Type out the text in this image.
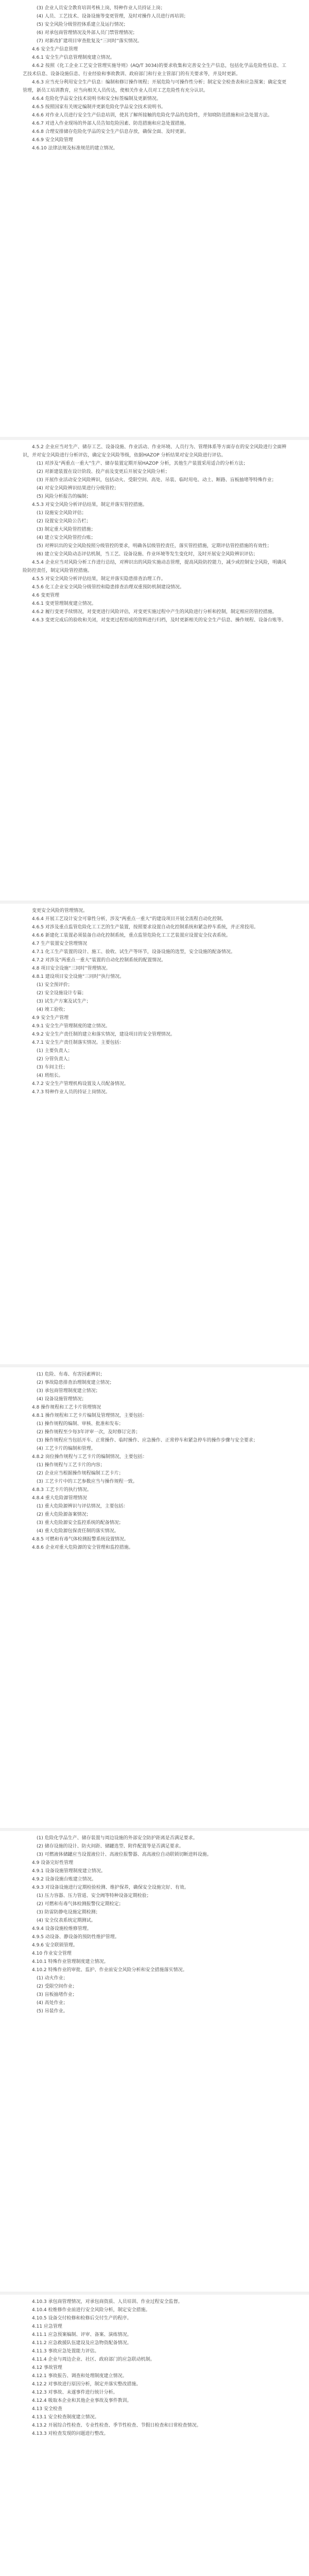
(3) 企业人员安全教育培训考核上岗，特种作业人员持证上岗；

(4) 人员、工艺技术、设备设施等变更管理，及时对操作人员进行再培训；

(5) 安全风险分级管控体系建立及运行情况；

(6) 对承包商管理情况及外部人员门禁管理情况；

(7) 对新改扩建项目审查批复及“三同时”落实情况。

4.6 安全生产信息管理

4.6.1 安全生产信息管理制度建立情况。

4.6.2 按照《化工企业工艺安全管理实施导则》(AQ/T 3034)的要求收集和完善安全生产信息，包括化学品危险性信息、工艺技术信息、设备设施信息、行业经验和事故教训、政府部门和行业主管部门的有关要求等，并及时更新。

4.6.3 应当充分利用安全生产信息：编制和修订操作规程；开展危险与可操作性分析；制定安全检查表和应急预案；确定变更管理，新员工培训教育，应当向相关人员传达，使相关作业人员对工艺危险性有充分认识。

4.6.4 危险化学品安全技术说明书和安全标签编制及更新情况。

4.6.5 按照国家有关规定编制并更新危险化学品安全技术说明书。

4.6.6 对作业人员进行安全生产信息培训，使其了解所接触的危险化学品的危险性，并知晓防范措施和应急处置方法。

4.6.7 对进入作业现场的外部人员告知危险因素、防范措施和应急处置措施。

4.6.8 合理安排储存危险化学品的安全生产信息存放，确保全面、及时更新。

4.6.9 安全风险管理

4.6.10 法律法规及标准规范的建立情况。

4.5.2 企业应当对生产、储存工艺、设备设施、作业活动、作业环境、人员行为、管理体系等方面存在的安全风险进行全面辨识，并对安全风险进行分析评估，确定安全风险等级，依据HAZOP 分析结果对安全风险进行评估。

(1) 对涉及“两重点一重大”生产、储存装置定期开展HAZOP 分析，其他生产装置采用适合的分析方法；

(2) 对新建装置在设计阶段、投产前及变更后开展安全风险分析；

(3) 开展作业活动安全风险辨识，包括动火、受限空间、高处、吊装、临时用电、动土、断路、盲板抽堵等特殊作业；

(4) 对安全风险辨识结果进行分级管控；

(5) 风险分析报告的编制；

4.5.3 对安全风险分析评估结果，制定并落实管控措施。

(1) 设施安全风险评估；

(2) 设置安全风险公告栏；

(3) 制定重大风险管控措施；

(4) 建立安全风险管控台账；

(5) 对辨识出的安全风险按照分级管控的要求，明确各层级管控责任，落实管控措施，定期评估管控措施的有效性；

(6) 建立安全风险动态评估机制，当工艺、设备设施、作业环境等发生变化时，及时开展安全风险辨识评估；

4.5.4 企业应当对风险分析工作进行总结，对辨识出的风险实施动态管理，提高风险防控能力，减少或控制安全风险，明确风险防控责任，制定风险管控措施。

4.5.5 对安全风险分析评估结果，制定并落实隐患排查治理工作。

4.5.6 化工企业安全风险分级管控和隐患排查治理双重预防机制建设情况。

4.6 变更管理

4.6.1 变更管理制度建立情况。

4.6.2 履行变更手续情况，对变更进行风险评估，对变更实施过程中产生的风险进行分析和控制，制定相应的管控措施。

4.6.3 变更完成后的验收和关闭，对变更过程形成的资料进行归档，及时更新相关的安全生产信息、操作规程、设备台账等。

变更安全风险的管理情况。

4.6.4 开展工艺设计安全可靠性分析，涉及“两重点一重大”的建设项目开展全流程自动化控制。

4.6.5 对涉及重点监管危险化工工艺的生产装置，按照要求设置自动化控制系统和紧急停车系统，并正常投用。

4.6.6 新建化工装置必须装备自动化控制系统，重点监管危险化工工艺装置应设置安全仪表系统。

4.7 生产装置安全管理情况

4.7.1 化工生产装置的设计、施工、验收、试生产等环节，设备设施的选型，安全设施的配备情况。

4.7.2 对涉及“两重点一重大”装置的自动化控制系统的配置情况。

4.8 项目安全设施“三同时”管理情况。

4.8.1 建设项目安全设施“三同时”执行情况。

(1) 安全预评价；

(2) 安全设施设计专篇；

(3) 试生产方案及试生产；

(4) 竣工验收；

4.9 安全生产管理

4.9.1 安全生产管理制度的建立情况。

4.9.2 安全生产责任制的建立和落实情况，建设项目的安全管理情况。

4.7.1 安全生产责任制落实情况。主要包括：

(1) 主要负责人；

(2) 分管负责人；

(3) 车间主任；

(4) 班组长。

4.7.2 安全生产管理机构设置及人员配备情况。

4.7.3 特种作业人员的持证上岗情况。

(1) 危险、有毒、有害因素辨识；

(2) 事故隐患排查治理制度建立情况；

(3) 承包商管理制度建立情况；

(4) 设备设施管理情况；

4.8 操作规程和工艺卡片管理情况

4.8.1 操作规程和工艺卡片编制及管理情况，主要包括：

(1) 操作规程的编制、审核、批准和发布；

(2) 操作规程至少每3年评审一次，及时修订完善；

(3) 操作规程应当包括开车、正常操作、临时操作、应急操作、正常停车和紧急停车的操作步骤与安全要求；

(4) 工艺卡片的编制和管理。

4.8.2 岗位操作规程与工艺卡片的编制情况，主要包括：

(1) 操作规程与工艺卡片的内容；

(2) 企业应当根据操作规程编制工艺卡片；

(3) 工艺卡片中的工艺参数应当与操作规程一致。

4.8.3 工艺卡片的执行情况。

4.8.4 重大危险源管理情况

(1) 重大危险源辨识与评估情况，主要包括：

(2) 重大危险源备案情况；

(3) 重大危险源安全监控系统的配备情况；

(4) 重大危险源包保责任制的落实情况。

4.8.5 可燃和有毒气体检测报警系统设置情况。

4.8.6 企业对重大危险源的安全管理和监控措施。

(1) 危险化学品生产、储存装置与周边设施的外部安全防护距离是否满足要求。

(2) 储存设施的设计、防火间距、储罐选型、附件配置等是否满足要求。

(3) 可燃液体储罐应当设置液位计、高液位报警器、高高液位自动联锁切断进料设施。

4.9 设备完好性管理

4.9.1 设备设施管理制度建立情况。

4.9.2 设备设施台账建立情况。

4.9.3 对设备设施进行定期检验检测、维护保养，确保安全设施完好、有效。

(1) 压力容器、压力管道、安全阀等特种设备定期检验；

(2) 可燃和有毒气体检测报警仪定期检定；

(3) 防雷防静电设施定期检测；

(4) 安全仪表系统定期测试。

4.9.4 设备设施检维修管理。

4.9.5 动设备、静设备的预防性维护管理。

4.9.6 安全联锁管理。

4.10 作业安全管理

4.10.1 特殊作业管理制度建立情况。

4.10.2 特殊作业的审批、监护、作业前安全风险分析和安全措施落实情况。

(1) 动火作业；

(2) 受限空间作业；

(3) 盲板抽堵作业；

(4) 高处作业；

(5) 吊装作业。

4.10.3 承包商管理情况，对承包商资质、人员培训、作业过程安全监督。

4.10.4 检维修作业前进行安全风险分析，制定安全措施。

4.10.5 设备交付检修和检修后交付生产的程序。

4.11 应急管理

4.11.1 应急预案编制、评审、备案、演练情况。

4.11.2 应急救援队伍建设及应急物资配备情况。

4.11.3 事故应急处置能力评估。

4.11.4 企业与周边企业、社区、政府部门的应急联动机制。

4.12 事故管理

4.12.1 事故报告、调查和处理制度建立情况。

4.12.2 对事故进行原因分析，制定并落实整改措施。

4.12.3 对事故、未遂事件进行统计分析。

4.12.4 吸取本企业和其他企业事故及事件教训。

4.13 安全检查

4.13.1 安全检查制度建立情况。

4.13.2 开展综合性检查、专业性检查、季节性检查、节假日检查和日常检查情况。

4.13.3 对检查发现的问题进行整改。
